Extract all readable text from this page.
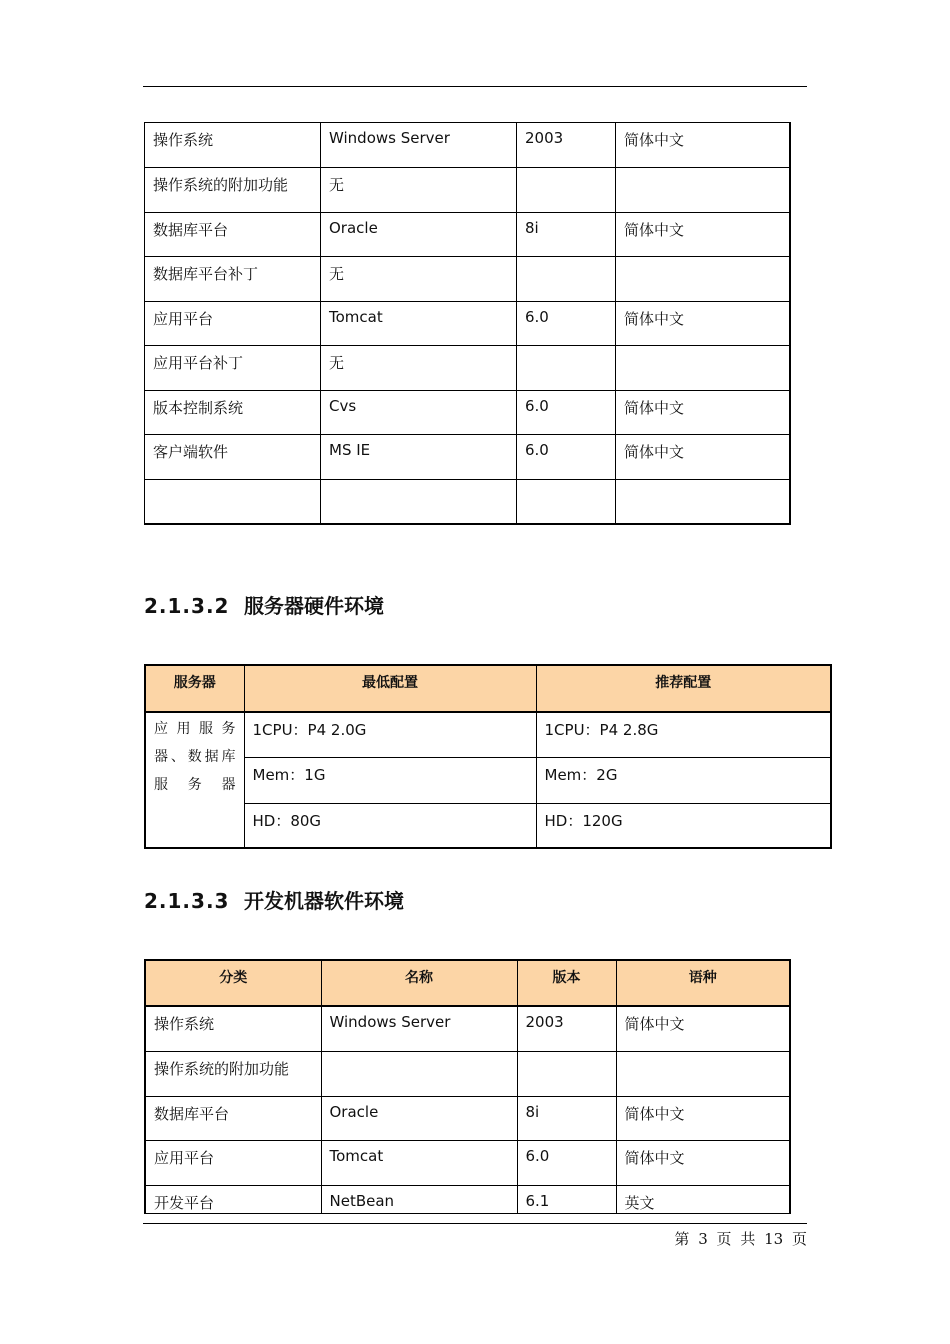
操作系统	Windows Server	2003	简体中文
操作系统的附加功能	无		
数据库平台	Oracle	8i	简体中文
数据库平台补丁	无		
应用平台	Tomcat	6.0	简体中文
应用平台补丁	无		
版本控制系统	Cvs	6.0	简体中文
客户端软件	MS IE	6.0	简体中文

2.1.3.2 服务器硬件环境
服务器	最低配置	推荐配置
应用服务器、数据库服务器	1CPU：P4 2.0G	1CPU：P4 2.8G
	Mem：1G	Mem：2G
	HD：80G	HD：120G
2.1.3.3 开发机器软件环境
分类	名称	版本	语种
操作系统	Windows Server	2003	简体中文
操作系统的附加功能			
数据库平台	Oracle	8i	简体中文
应用平台	Tomcat	6.0	简体中文
开发平台	NetBean	6.1	英文
第 3 页 共 13 页
